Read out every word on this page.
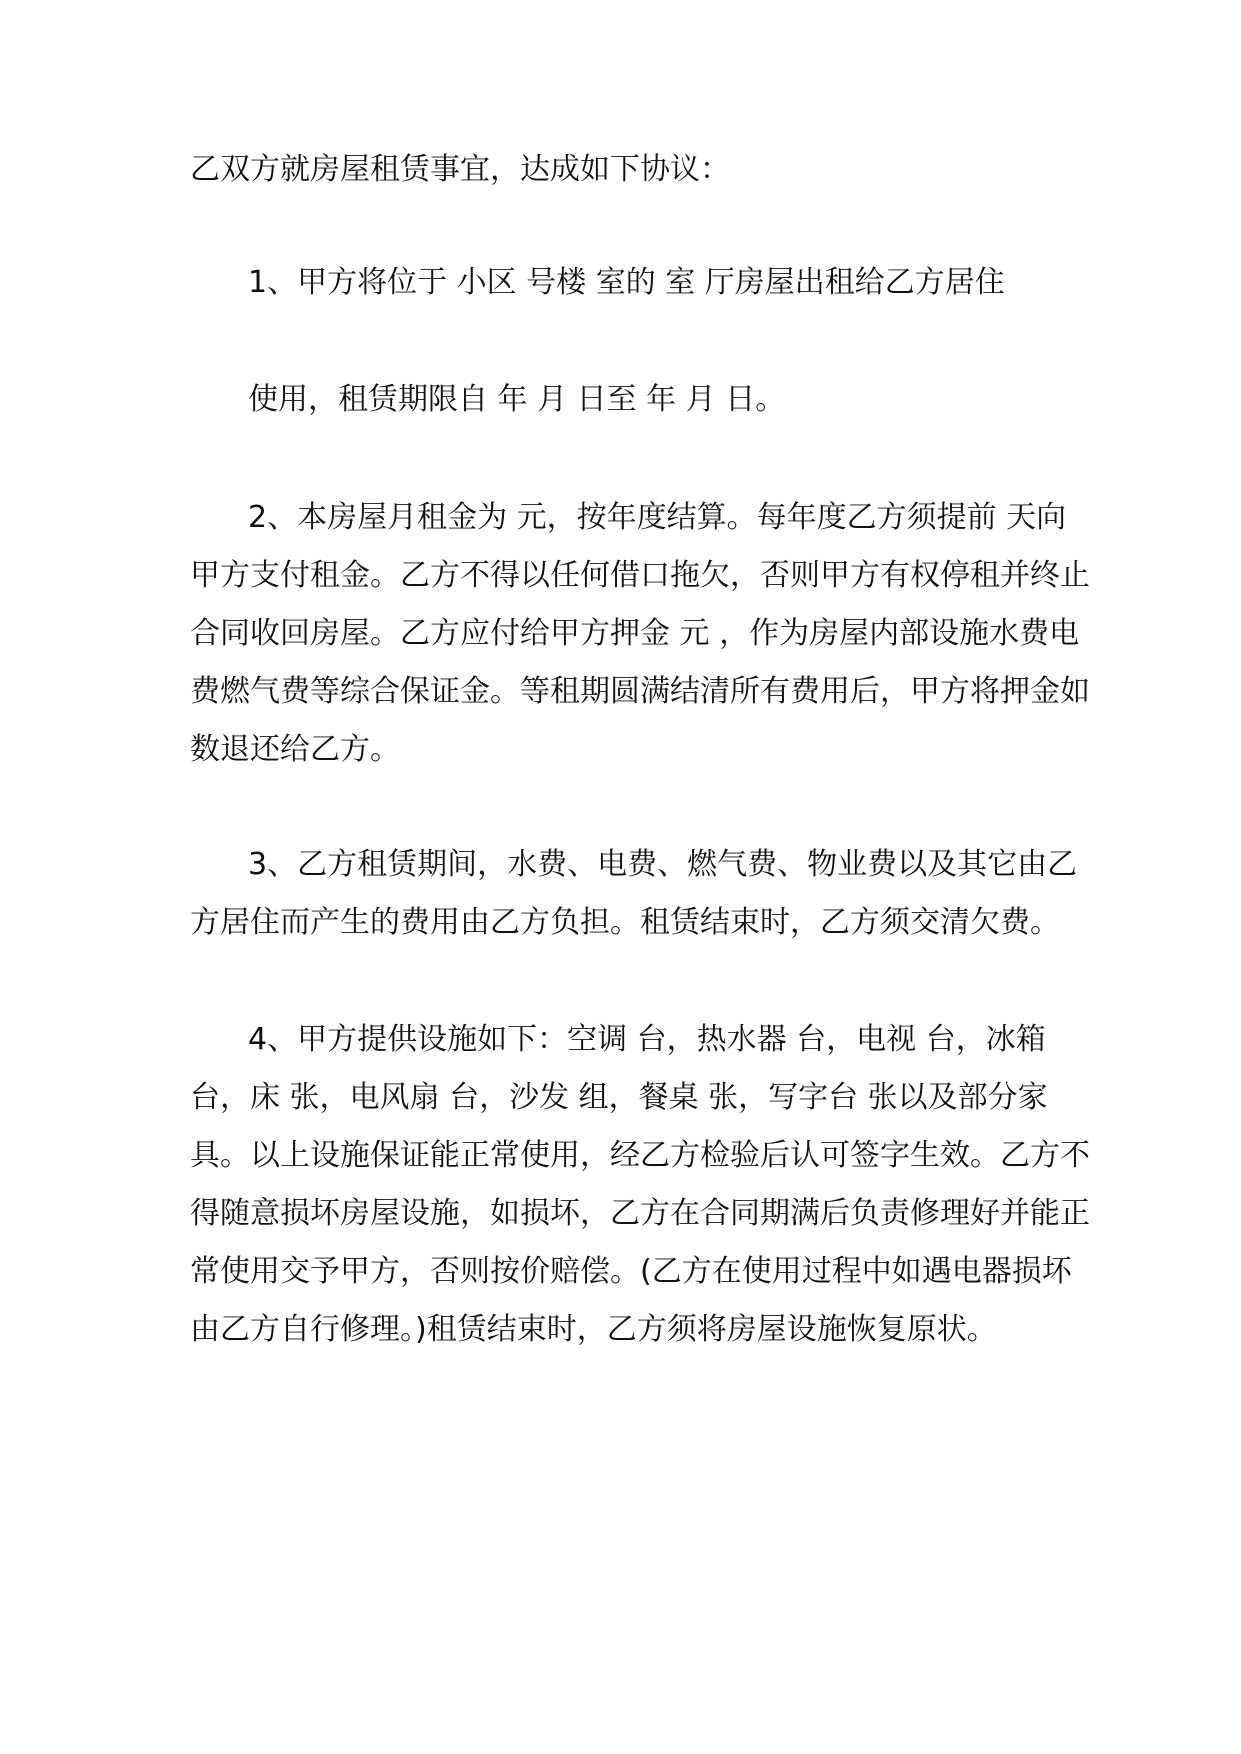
乙双方就房屋租赁事宜，达成如下协议：
1、甲方将位于 小区 号楼 室的 室 厅房屋出租给乙方居住
使用，租赁期限自 年 月 日至 年 月 日。
2、本房屋月租金为 元，按年度结算。每年度乙方须提前 天向
甲方支付租金。乙方不得以任何借口拖欠，否则甲方有权停租并终止
合同收回房屋。乙方应付给甲方押金 元 ，作为房屋内部设施水费电
费燃气费等综合保证金。等租期圆满结清所有费用后，甲方将押金如
数退还给乙方。
3、乙方租赁期间，水费、电费、燃气费、物业费以及其它由乙
方居住而产生的费用由乙方负担。租赁结束时，乙方须交清欠费。
4、甲方提供设施如下：空调 台，热水器 台，电视 台，冰箱
台，床 张，电风扇 台，沙发 组，餐桌 张，写字台 张以及部分家
具。以上设施保证能正常使用，经乙方检验后认可签字生效。乙方不
得随意损坏房屋设施，如损坏，乙方在合同期满后负责修理好并能正
常使用交予甲方，否则按价赔偿。(乙方在使用过程中如遇电器损坏
由乙方自行修理。)租赁结束时，乙方须将房屋设施恢复原状。
